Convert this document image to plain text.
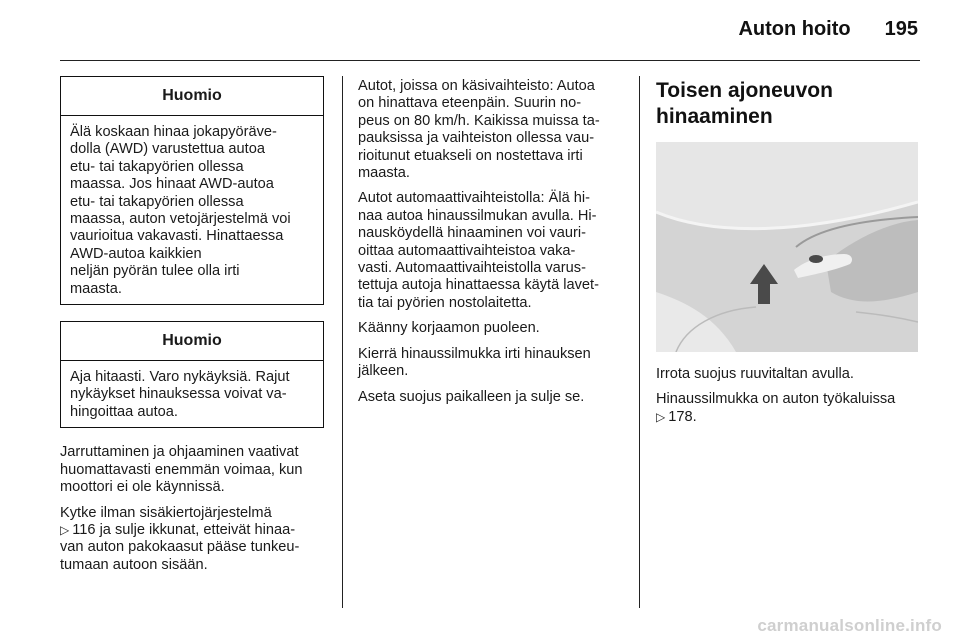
Auton hoito 195
Huomio
Älä koskaan hinaa jokapyöräve-
dolla (AWD) varustettua autoa
etu- tai takapyörien ollessa
maassa. Jos hinaat AWD-autoa
etu- tai takapyörien ollessa
maassa, auton vetojärjestelmä voi
vaurioitua vakavasti. Hinattaessa
AWD-autoa kaikkien
neljän pyörän tulee olla irti
maasta.
Huomio
Aja hitaasti. Varo nykäyksiä. Rajut
nykäykset hinauksessa voivat va-
hingoittaa autoa.

Jarruttaminen ja ohjaaminen vaativat
huomattavasti enemmän voimaa, kun
moottori ei ole käynnissä.

Kytke ilman sisäkiertojärjestelmä
▷ 116 ja sulje ikkunat, etteivät hinaa-
van auton pakokaasut pääse tunkeu-
tumaan autoon sisään.

Autot, joissa on käsivaihteisto: Autoa
on hinattava eteenpäin. Suurin no-
peus on 80 km/h. Kaikissa muissa ta-
pauksissa ja vaihteiston ollessa vau-
rioitunut etuakseli on nostettava irti
maasta.

Autot automaattivaihteistolla: Älä hi-
naa autoa hinaussilmukan avulla. Hi-
nausköydellä hinaaminen voi vauri-
oittaa automaattivaihteistoa vaka-
vasti. Automaattivaihteistolla varus-
tettuja autoja hinattaessa käytä lavet-
tia tai pyörien nostolaitetta.

Käänny korjaamon puoleen.

Kierrä hinaussilmukka irti hinauksen
jälkeen.

Aseta suojus paikalleen ja sulje se.

Toisen ajoneuvon
hinaaminen

Irrota suojus ruuvitaltan avulla.

Hinaussilmukka on auton työkaluissa
▷ 178.

carmanualsonline.info
